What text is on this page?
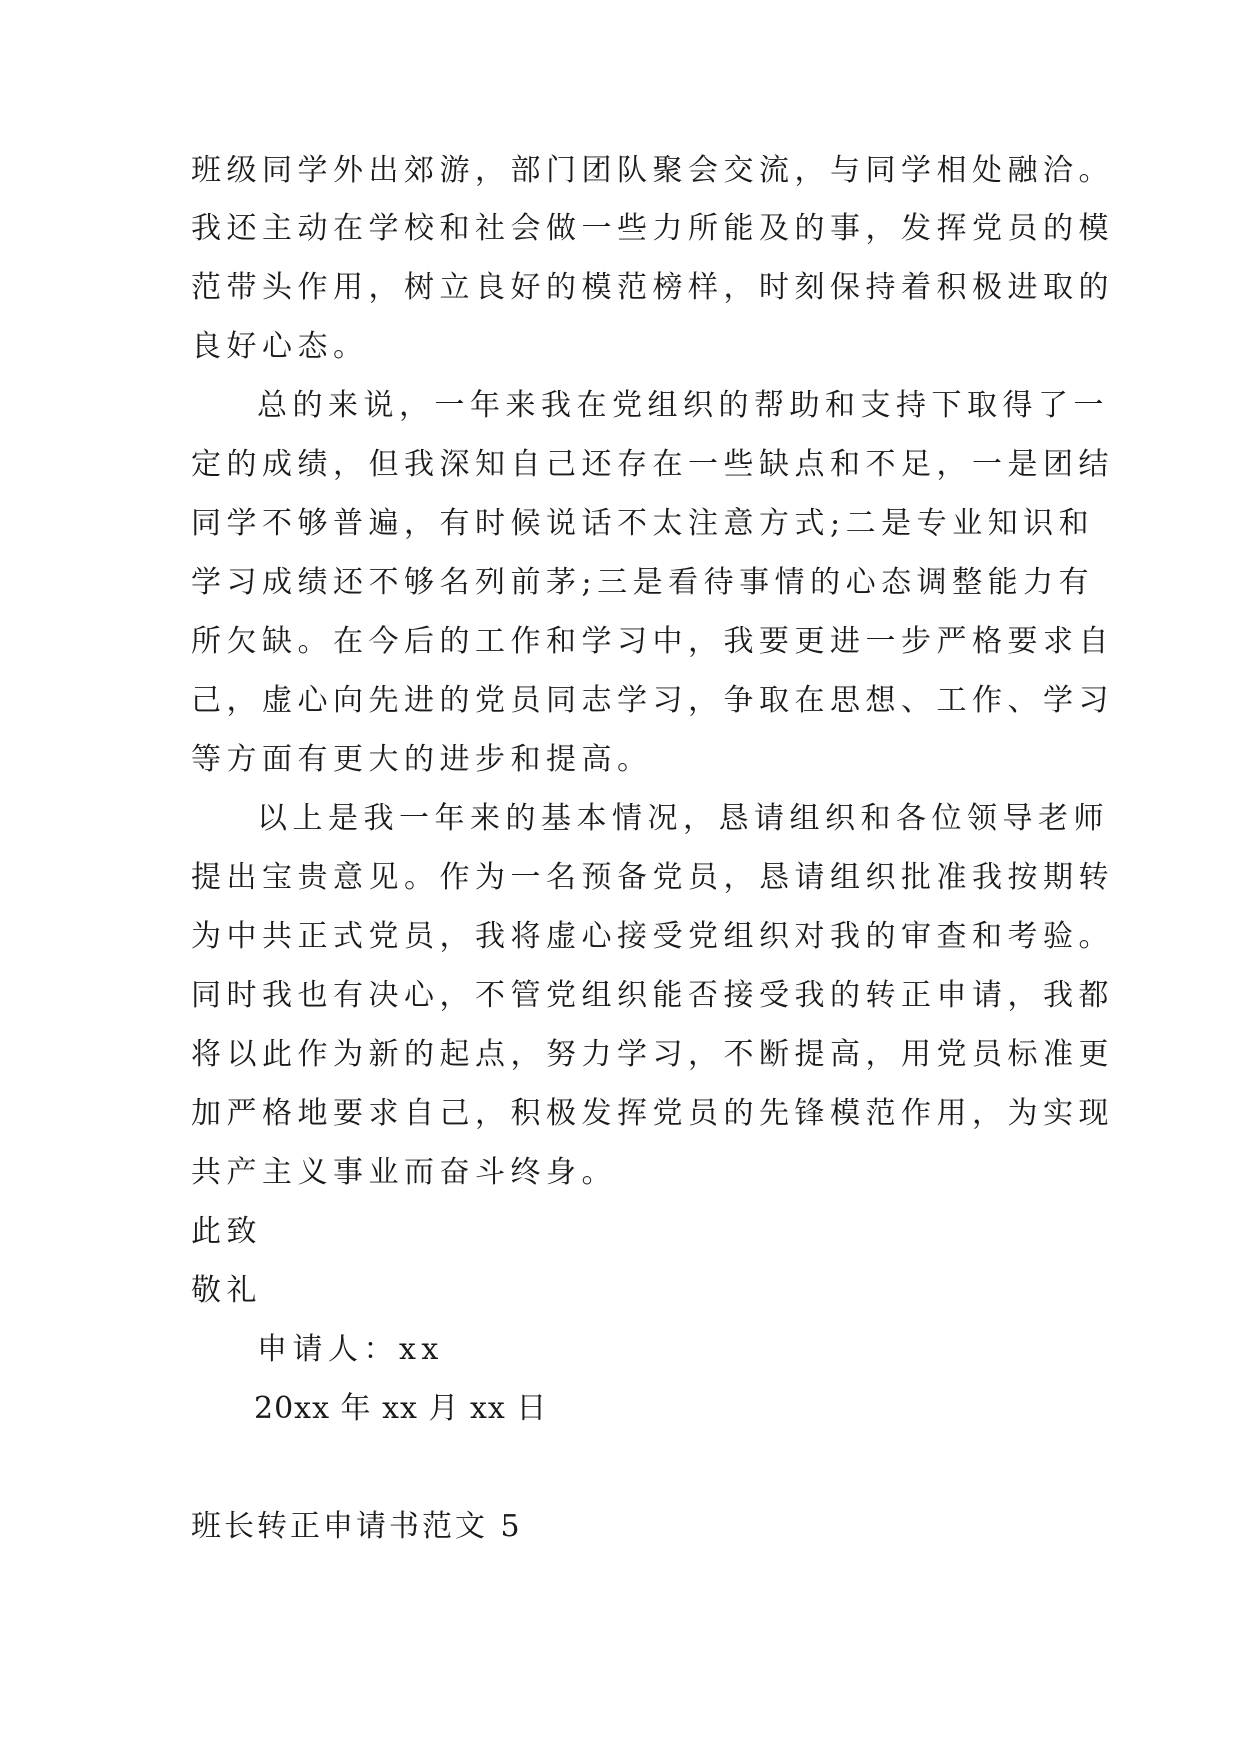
班级同学外出郊游，部门团队聚会交流，与同学相处融洽。
我还主动在学校和社会做一些力所能及的事，发挥党员的模
范带头作用，树立良好的模范榜样，时刻保持着积极进取的
良好心态。
总的来说，一年来我在党组织的帮助和支持下取得了一
定的成绩，但我深知自己还存在一些缺点和不足，一是团结
同学不够普遍，有时候说话不太注意方式;二是专业知识和
学习成绩还不够名列前茅;三是看待事情的心态调整能力有
所欠缺。在今后的工作和学习中，我要更进一步严格要求自
己，虚心向先进的党员同志学习，争取在思想、工作、学习
等方面有更大的进步和提高。
以上是我一年来的基本情况，恳请组织和各位领导老师
提出宝贵意见。作为一名预备党员，恳请组织批准我按期转
为中共正式党员，我将虚心接受党组织对我的审查和考验。
同时我也有决心，不管党组织能否接受我的转正申请，我都
将以此作为新的起点，努力学习，不断提高，用党员标准更
加严格地要求自己，积极发挥党员的先锋模范作用，为实现
共产主义事业而奋斗终身。
此致
敬礼
申请人：xx
20xx 年 xx 月 xx 日
班长转正申请书范文 5
